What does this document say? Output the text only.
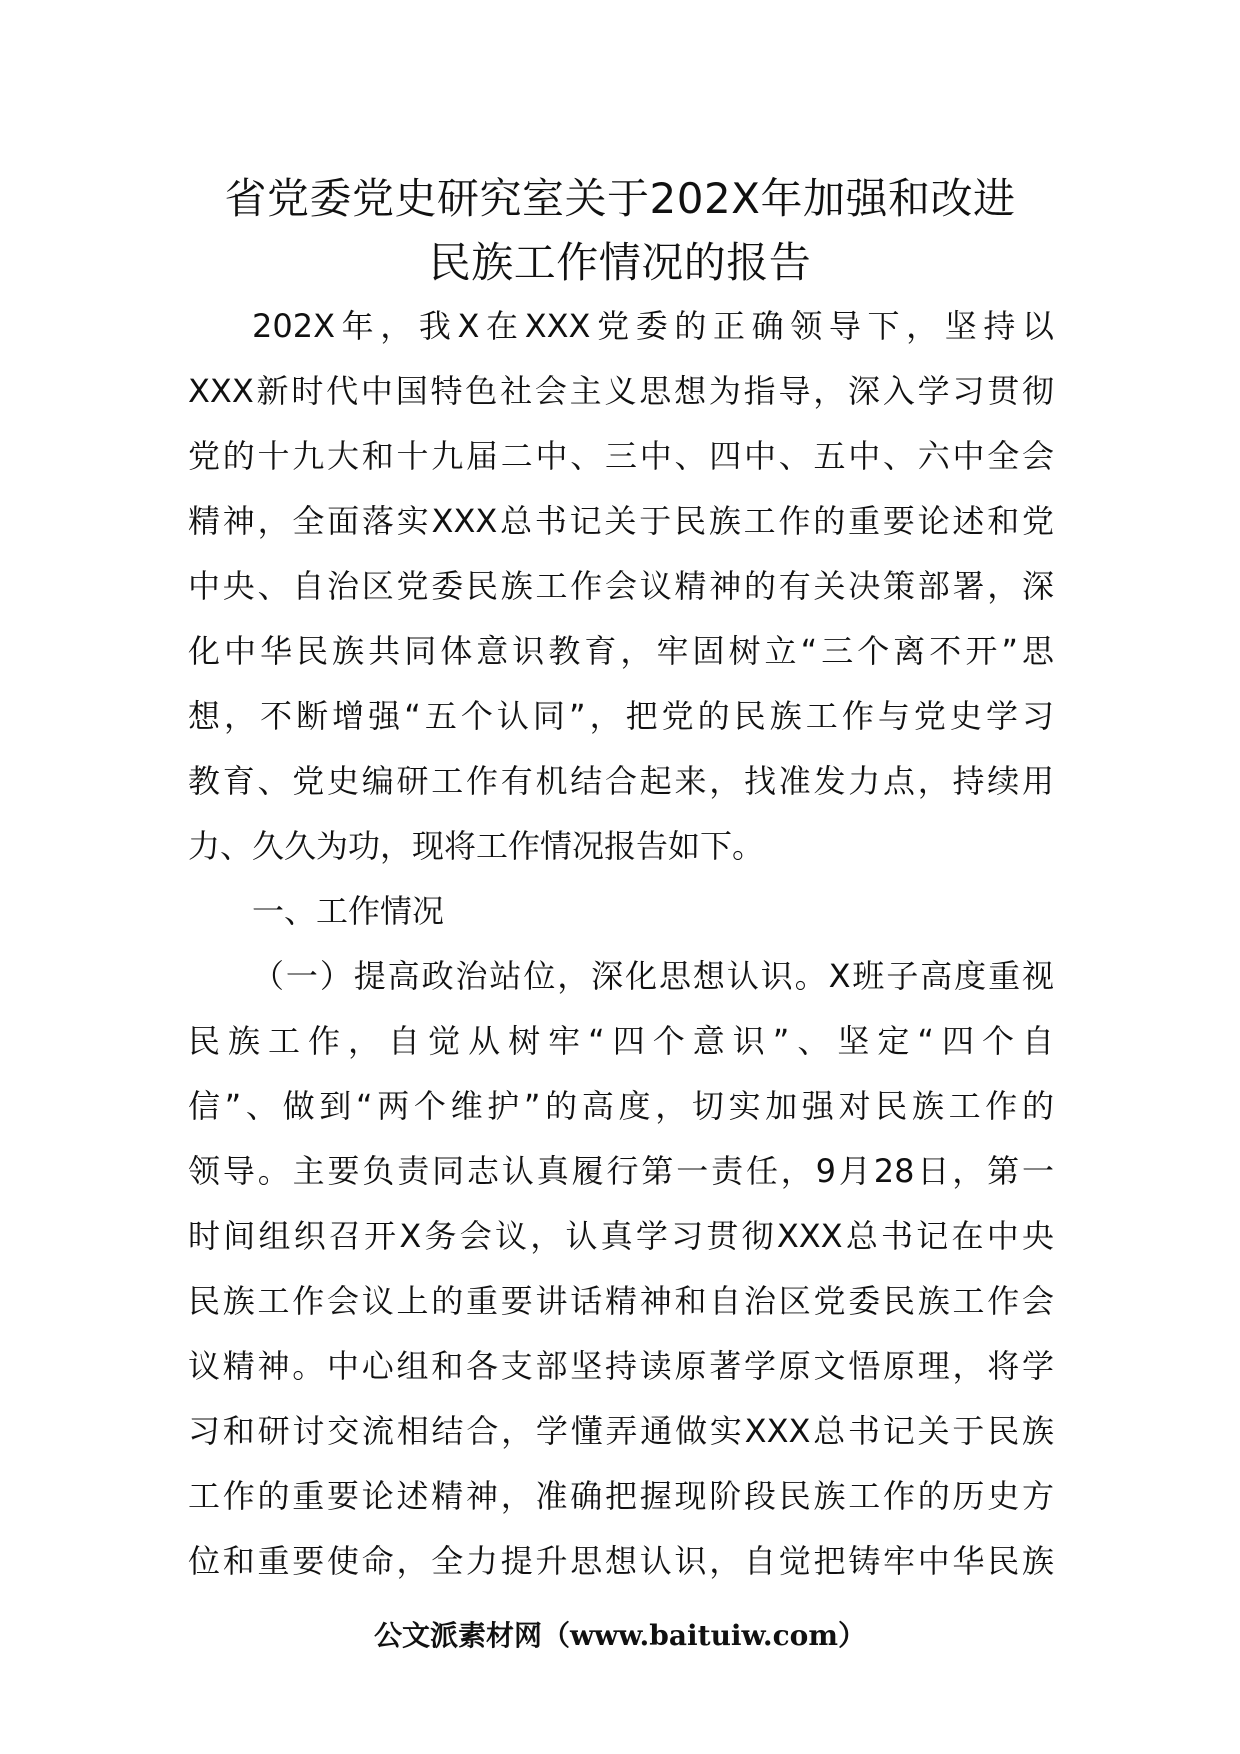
省党委党史研究室关于202X年加强和改进
民族工作情况的报告
202X年，我X在XXX党委的正确领导下，坚持以
XXX新时代中国特色社会主义思想为指导，深入学习贯彻
党的十九大和十九届二中、三中、四中、五中、六中全会
精神，全面落实XXX总书记关于民族工作的重要论述和党
中央、自治区党委民族工作会议精神的有关决策部署，深
化中华民族共同体意识教育，牢固树立“三个离不开”思
想，不断增强“五个认同”，把党的民族工作与党史学习
教育、党史编研工作有机结合起来，找准发力点，持续用
力、久久为功，现将工作情况报告如下。
一、工作情况
（一）提高政治站位，深化思想认识。X班子高度重视
民族工作，自觉从树牢“四个意识”、坚定“四个自
信”、做到“两个维护”的高度，切实加强对民族工作的
领导。主要负责同志认真履行第一责任，9月28日，第一
时间组织召开X务会议，认真学习贯彻XXX总书记在中央
民族工作会议上的重要讲话精神和自治区党委民族工作会
议精神。中心组和各支部坚持读原著学原文悟原理，将学
习和研讨交流相结合，学懂弄通做实XXX总书记关于民族
工作的重要论述精神，准确把握现阶段民族工作的历史方
位和重要使命，全力提升思想认识，自觉把铸牢中华民族
公文派素材网（www.baituiw.com）
